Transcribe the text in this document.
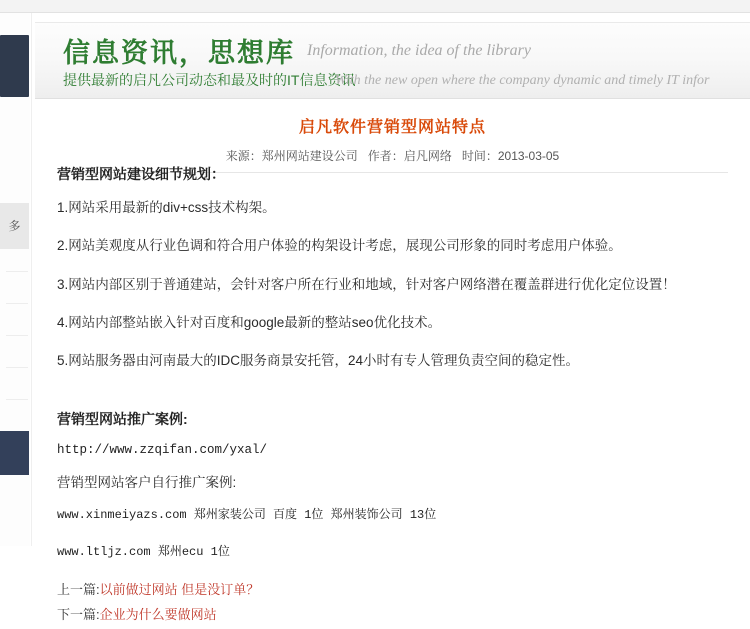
多
信息资讯，思想库 Information, the idea of the library
提供最新的启凡公司动态和最及时的IT信息资讯
With the new open where the company dynamic and timely IT infor
启凡软件营销型网站特点
来源：郑州网站建设公司 作者：启凡网络 时间：2013-03-05
营销型网站建设细节规划：
1.网站采用最新的div+css技术构架。
2.网站美观度从行业色调和符合用户体验的构架设计考虑，展现公司形象的同时考虑用户体验。
3.网站内部区别于普通建站，会针对客户所在行业和地域，针对客户网络潜在覆盖群进行优化定位设置！
4.网站内部整站嵌入针对百度和google最新的整站seo优化技术。
5.网站服务器由河南最大的IDC服务商景安托管，24小时有专人管理负责空间的稳定性。
营销型网站推广案例:
http://www.zzqifan.com/yxal/
营销型网站客户自行推广案例:
www.xinmeiyazs.com 郑州家装公司 百度 1位 郑州装饰公司 13位
www.ltljz.com 郑州ecu 1位
上一篇:以前做过网站 但是没订单？
下一篇:企业为什么要做网站
